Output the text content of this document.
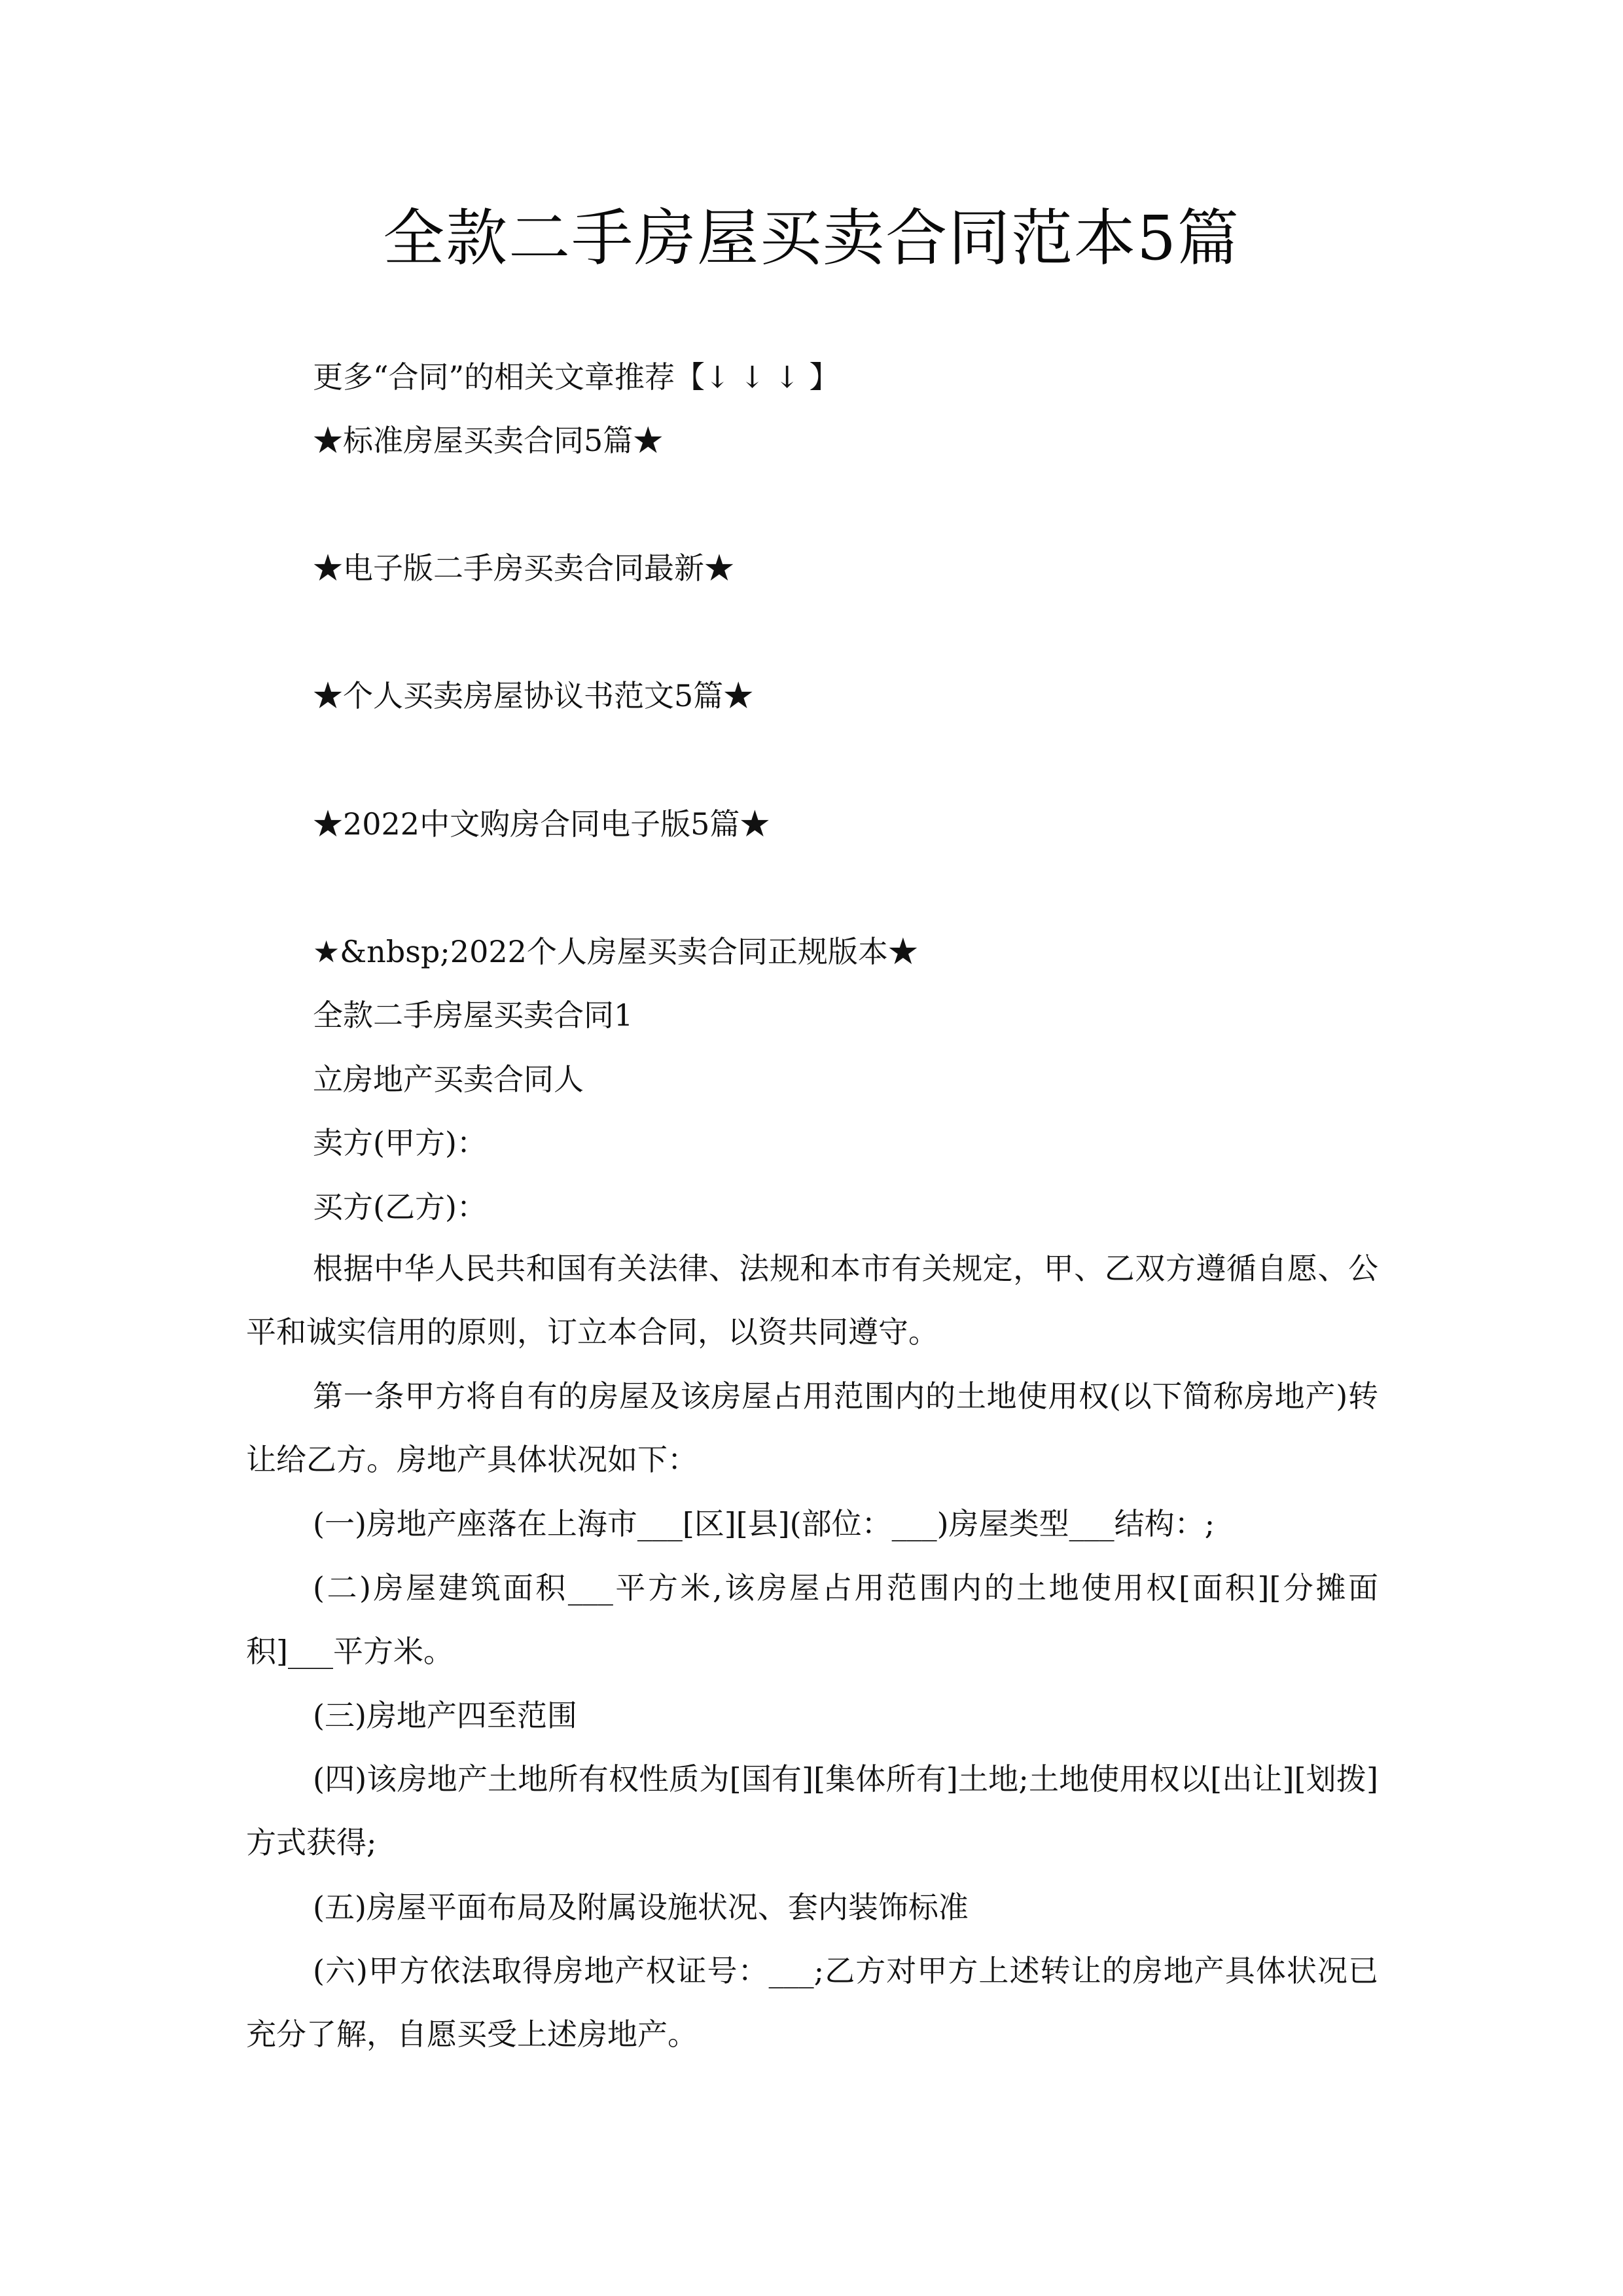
全款二手房屋买卖合同范本5篇
更多“合同”的相关文章推荐【↓ ↓ ↓ 】
★标准房屋买卖合同5篇★
★电子版二手房买卖合同最新★
★个人买卖房屋协议书范文5篇★
★2022中文购房合同电子版5篇★
★&nbsp;2022个人房屋买卖合同正规版本★
全款二手房屋买卖合同1
立房地产买卖合同人
卖方(甲方)：
买方(乙方)：
根据中华人民共和国有关法律、法规和本市有关规定，甲、乙双方遵循自愿、公平和诚实信用的原则，订立本合同，以资共同遵守。
第一条甲方将自有的房屋及该房屋占用范围内的土地使用权(以下简称房地产)转让给乙方。房地产具体状况如下：
(一)房地产座落在上海市___[区][县](部位：___)房屋类型___结构：;
(二)房屋建筑面积___平方米,该房屋占用范围内的土地使用权[面积][分摊面积]___平方米。
(三)房地产四至范围
(四)该房地产土地所有权性质为[国有][集体所有]土地;土地使用权以[出让][划拨]方式获得;
(五)房屋平面布局及附属设施状况、套内装饰标准
(六)甲方依法取得房地产权证号：___;乙方对甲方上述转让的房地产具体状况已充分了解，自愿买受上述房地产。
